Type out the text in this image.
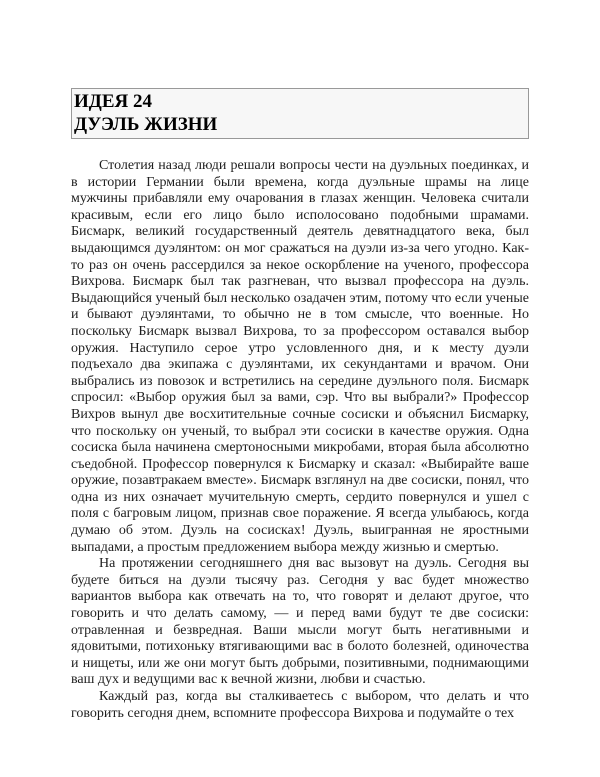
ИДЕЯ 24
ДУЭЛЬ ЖИЗНИ

Столетия назад люди решали вопросы чести на дуэльных поединках, и в истории Германии были времена, когда дуэльные шрамы на лице мужчины прибавляли ему очарования в глазах женщин. Человека считали красивым, если его лицо было исполосовано подобными шрамами. Бисмарк, великий государственный деятель девятнадцатого века, был выдающимся дуэлянтом: он мог сражаться на дуэли из-за чего угодно. Как-то раз он очень рассердился за некое оскорбление на ученого, профессора Вихрова. Бисмарк был так разгневан, что вызвал профессора на дуэль. Выдающийся ученый был несколько озадачен этим, потому что если ученые и бывают дуэлянтами, то обычно не в том смысле, что военные. Но поскольку Бисмарк вызвал Вихрова, то за профессором оставался выбор оружия. Наступило серое утро условленного дня, и к месту дуэли подъехало два экипажа с дуэлянтами, их секундантами и врачом. Они выбрались из повозок и встретились на середине дуэльного поля. Бисмарк спросил: «Выбор оружия был за вами, сэр. Что вы выбрали?» Профессор Вихров вынул две восхитительные сочные сосиски и объяснил Бисмарку, что поскольку он ученый, то выбрал эти сосиски в качестве оружия. Одна сосиска была начинена смертоносными микробами, вторая была абсолютно съедобной. Профессор повернулся к Бисмарку и сказал: «Выбирайте ваше оружие, позавтракаем вместе». Бисмарк взглянул на две сосиски, понял, что одна из них означает мучительную смерть, сердито повернулся и ушел с поля с багровым лицом, признав свое поражение. Я всегда улыбаюсь, когда думаю об этом. Дуэль на сосисках! Дуэль, выигранная не яростными выпадами, а простым предложением выбора между жизнью и смертью.

На протяжении сегодняшнего дня вас вызовут на дуэль. Сегодня вы будете биться на дуэли тысячу раз. Сегодня у вас будет множество вариантов выбора как отвечать на то, что говорят и делают другое, что говорить и что делать самому, — и перед вами будут те две сосиски: отравленная и безвредная. Ваши мысли могут быть негативными и ядовитыми, потихоньку втягивающими вас в болото болезней, одиночества и нищеты, или же они могут быть добрыми, позитивными, поднимающими ваш дух и ведущими вас к вечной жизни, любви и счастью.

Каждый раз, когда вы сталкиваетесь с выбором, что делать и что говорить сегодня днем, вспомните профессора Вихрова и подумайте о тех
